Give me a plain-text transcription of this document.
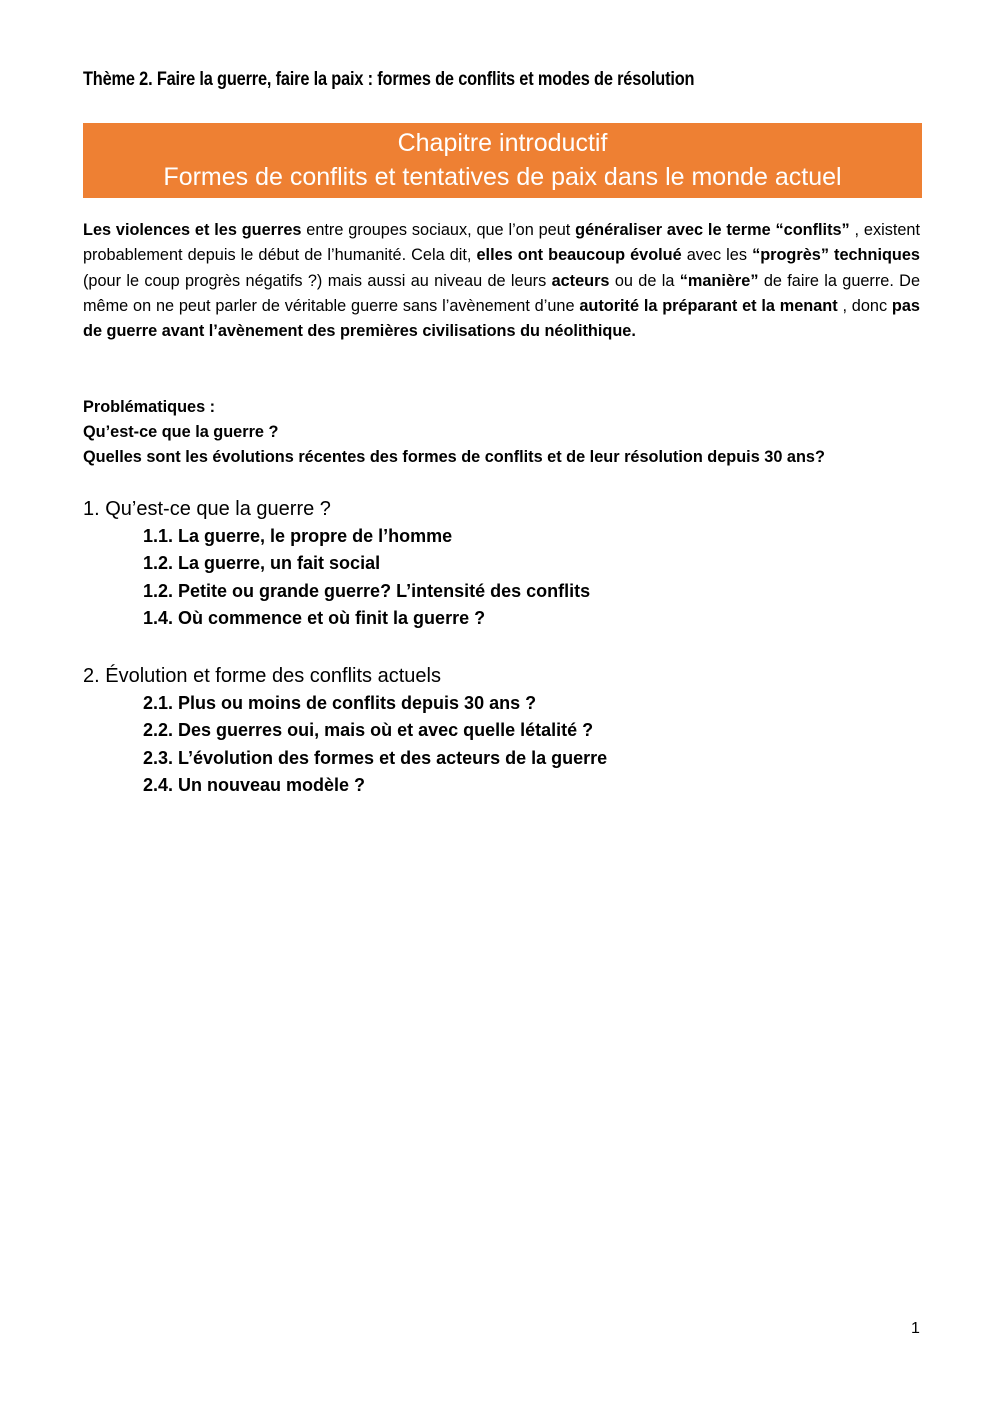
Thème 2. Faire la guerre, faire la paix : formes de conflits et modes de résolution
Chapitre introductif
Formes de conflits et tentatives de paix dans le monde actuel

Les violences et les guerres entre groupes sociaux, que l’on peut généraliser avec le terme “conflits” , existent probablement depuis le début de l’humanité. Cela dit, elles ont beaucoup évolué avec les “progrès” techniques (pour le coup progrès négatifs ?) mais aussi au niveau de leurs acteurs ou de la “manière” de faire la guerre. De même on ne peut parler de véritable guerre sans l’avènement d’une autorité la préparant et la menant , donc pas de guerre avant l’avènement des premières civilisations du néolithique.

Problématiques :
Qu’est-ce que la guerre ?
Quelles sont les évolutions récentes des formes de conflits et de leur résolution depuis 30 ans?
1. Qu’est-ce que la guerre ?
1.1. La guerre, le propre de l’homme
1.2. La guerre, un fait social
1.2. Petite ou grande guerre? L’intensité des conflits
1.4. Où commence et où finit la guerre ?
2. Évolution et forme des conflits actuels
2.1. Plus ou moins de conflits depuis 30 ans ?
2.2. Des guerres oui, mais où et avec quelle létalité ?
2.3. L’évolution des formes et des acteurs de la guerre
2.4. Un nouveau modèle ?
1
